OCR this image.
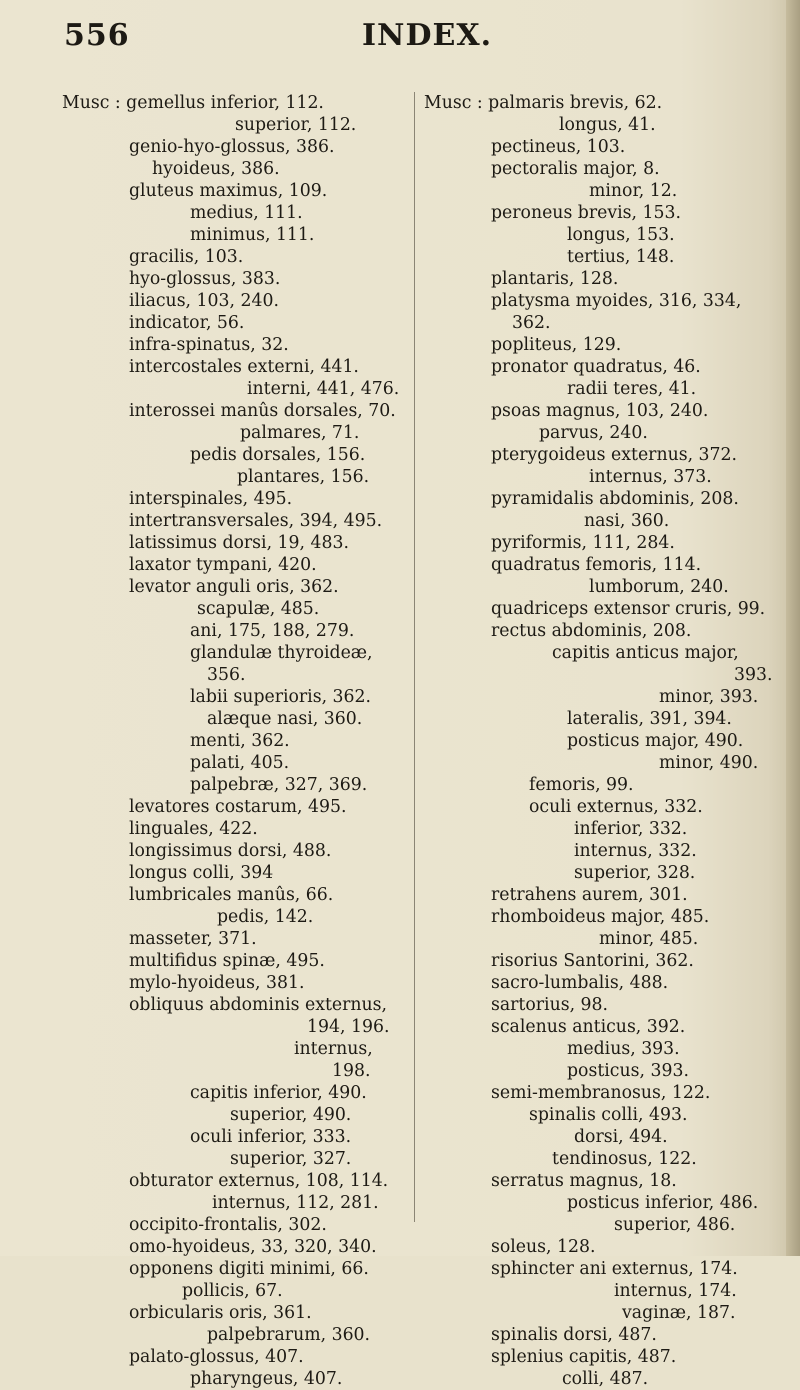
556	INDEX.
Musc : gemellus inferior, 112.
superior, 112.
genio-hyo-glossus, 386.
hyoideus, 386.
gluteus maximus, 109.
medius, 111.
minimus, 111.
gracilis, 103.
hyo-glossus, 383.
iliacus, 103, 240.
indicator, 56.
infra-spinatus, 32.
intercostales externi, 441.
interni, 441, 476.
interossei manûs dorsales, 70.
palmares, 71.
pedis dorsales, 156.
plantares, 156.
interspinales, 495.
intertransversales, 394, 495.
latissimus dorsi, 19, 483.
laxator tympani, 420.
levator anguli oris, 362.
scapulæ, 485.
ani, 175, 188, 279.
glandulæ thyroideæ,
356.
labii superioris, 362.
alæque nasi, 360.
menti, 362.
palati, 405.
palpebræ, 327, 369.
levatores costarum, 495.
linguales, 422.
longissimus dorsi, 488.
longus colli, 394
lumbricales manûs, 66.
pedis, 142.
masseter, 371.
multifidus spinæ, 495.
mylo-hyoideus, 381.
obliquus abdominis externus,
194, 196.
internus,
198.
capitis inferior, 490.
superior, 490.
oculi inferior, 333.
superior, 327.
obturator externus, 108, 114.
internus, 112, 281.
occipito-frontalis, 302.
omo-hyoideus, 33, 320, 340.
opponens digiti minimi, 66.
pollicis, 67.
orbicularis oris, 361.
palpebrarum, 360.
palato-glossus, 407.
pharyngeus, 407.
Musc : palmaris brevis, 62.
longus, 41.
pectineus, 103.
pectoralis major, 8.
minor, 12.
peroneus brevis, 153.
longus, 153.
tertius, 148.
plantaris, 128.
platysma myoides, 316, 334,
362.
popliteus, 129.
pronator quadratus, 46.
radii teres, 41.
psoas magnus, 103, 240.
parvus, 240.
pterygoideus externus, 372.
internus, 373.
pyramidalis abdominis, 208.
nasi, 360.
pyriformis, 111, 284.
quadratus femoris, 114.
lumborum, 240.
quadriceps extensor cruris, 99.
rectus abdominis, 208.
capitis anticus major,
393.
minor, 393.
lateralis, 391, 394.
posticus major, 490.
minor, 490.
femoris, 99.
oculi externus, 332.
inferior, 332.
internus, 332.
superior, 328.
retrahens aurem, 301.
rhomboideus major, 485.
minor, 485.
risorius Santorini, 362.
sacro-lumbalis, 488.
sartorius, 98.
scalenus anticus, 392.
medius, 393.
posticus, 393.
semi-membranosus, 122.
spinalis colli, 493.
dorsi, 494.
tendinosus, 122.
serratus magnus, 18.
posticus inferior, 486.
superior, 486.
soleus, 128.
sphincter ani externus, 174.
internus, 174.
vaginæ, 187.
spinalis dorsi, 487.
splenius capitis, 487.
colli, 487.
